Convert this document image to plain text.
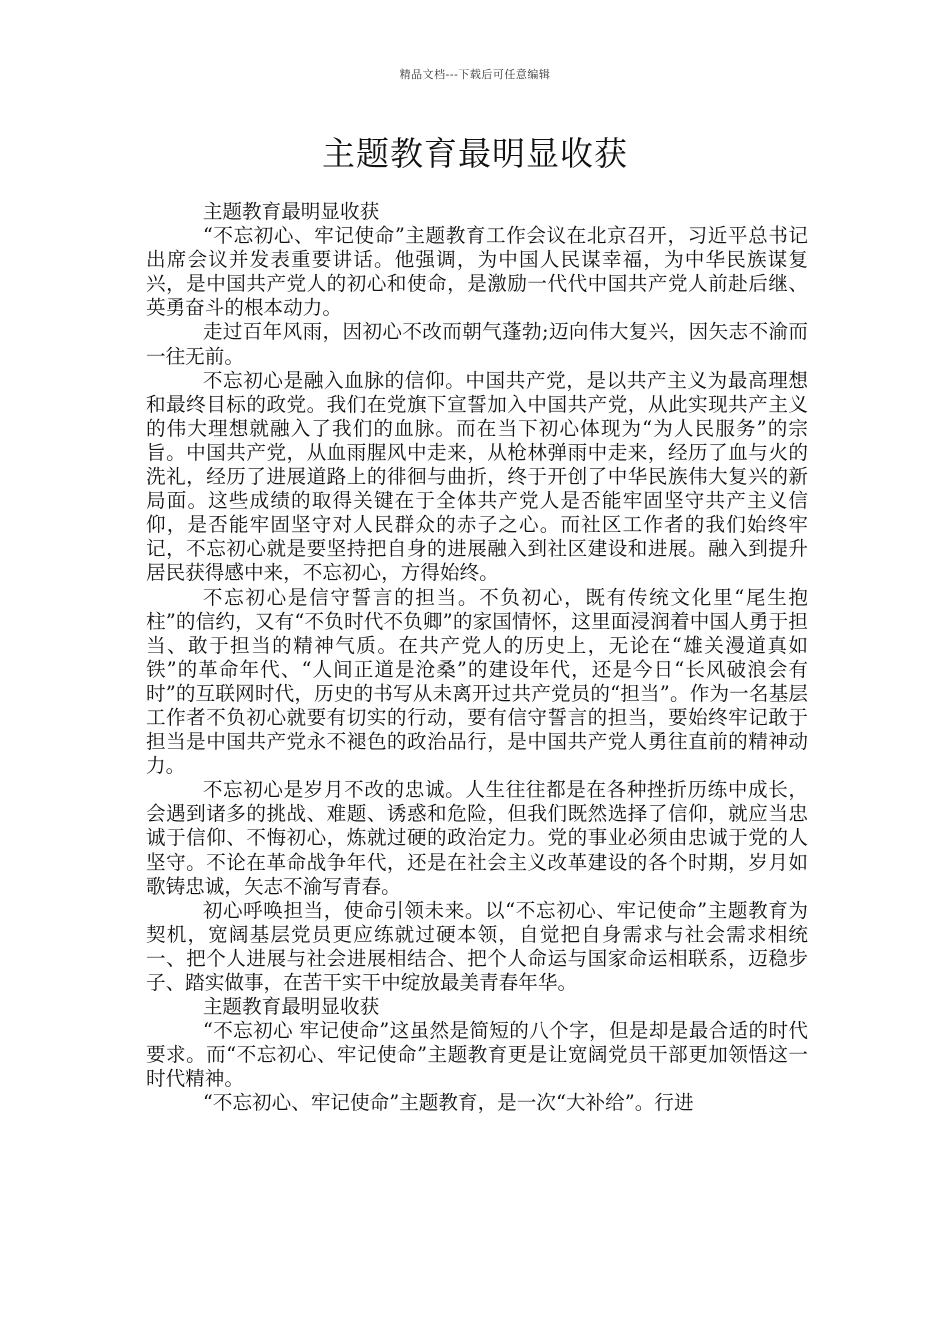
精品文档---下载后可任意编辑
主题教育最明显收获

主题教育最明显收获

“不忘初心、牢记使命”主题教育工作会议在北京召开，习近平总书记出席会议并发表重要讲话。他强调，为中国人民谋幸福，为中华民族谋复兴，是中国共产党人的初心和使命，是激励一代代中国共产党人前赴后继、英勇奋斗的根本动力。

走过百年风雨，因初心不改而朝气蓬勃;迈向伟大复兴，因矢志不渝而一往无前。

不忘初心是融入血脉的信仰。中国共产党，是以共产主义为最高理想和最终目标的政党。我们在党旗下宣誓加入中国共产党，从此实现共产主义的伟大理想就融入了我们的血脉。而在当下初心体现为“为人民服务”的宗旨。中国共产党，从血雨腥风中走来，从枪林弹雨中走来，经历了血与火的洗礼，经历了进展道路上的徘徊与曲折，终于开创了中华民族伟大复兴的新局面。这些成绩的取得关键在于全体共产党人是否能牢固坚守共产主义信仰，是否能牢固坚守对人民群众的赤子之心。而社区工作者的我们始终牢记，不忘初心就是要坚持把自身的进展融入到社区建设和进展。融入到提升居民获得感中来，不忘初心，方得始终。

不忘初心是信守誓言的担当。不负初心，既有传统文化里“尾生抱柱”的信约，又有“不负时代不负卿”的家国情怀，这里面浸润着中国人勇于担当、敢于担当的精神气质。在共产党人的历史上，无论在“雄关漫道真如铁”的革命年代、“人间正道是沧桑”的建设年代，还是今日“长风破浪会有时”的互联网时代，历史的书写从未离开过共产党员的“担当”。作为一名基层工作者不负初心就要有切实的行动，要有信守誓言的担当，要始终牢记敢于担当是中国共产党永不褪色的政治品行，是中国共产党人勇往直前的精神动力。

不忘初心是岁月不改的忠诚。人生往往都是在各种挫折历练中成长，会遇到诸多的挑战、难题、诱惑和危险，但我们既然选择了信仰，就应当忠诚于信仰、不悔初心，炼就过硬的政治定力。党的事业必须由忠诚于党的人坚守。不论在革命战争年代，还是在社会主义改革建设的各个时期，岁月如歌铸忠诚，矢志不渝写青春。

初心呼唤担当，使命引领未来。以“不忘初心、牢记使命”主题教育为契机，宽阔基层党员更应练就过硬本领，自觉把自身需求与社会需求相统一、把个人进展与社会进展相结合、把个人命运与国家命运相联系，迈稳步子、踏实做事，在苦干实干中绽放最美青春年华。

主题教育最明显收获

“不忘初心 牢记使命”这虽然是简短的八个字，但是却是最合适的时代要求。而“不忘初心、牢记使命”主题教育更是让宽阔党员干部更加领悟这一时代精神。

“不忘初心、牢记使命”主题教育，是一次“大补给”。行进
